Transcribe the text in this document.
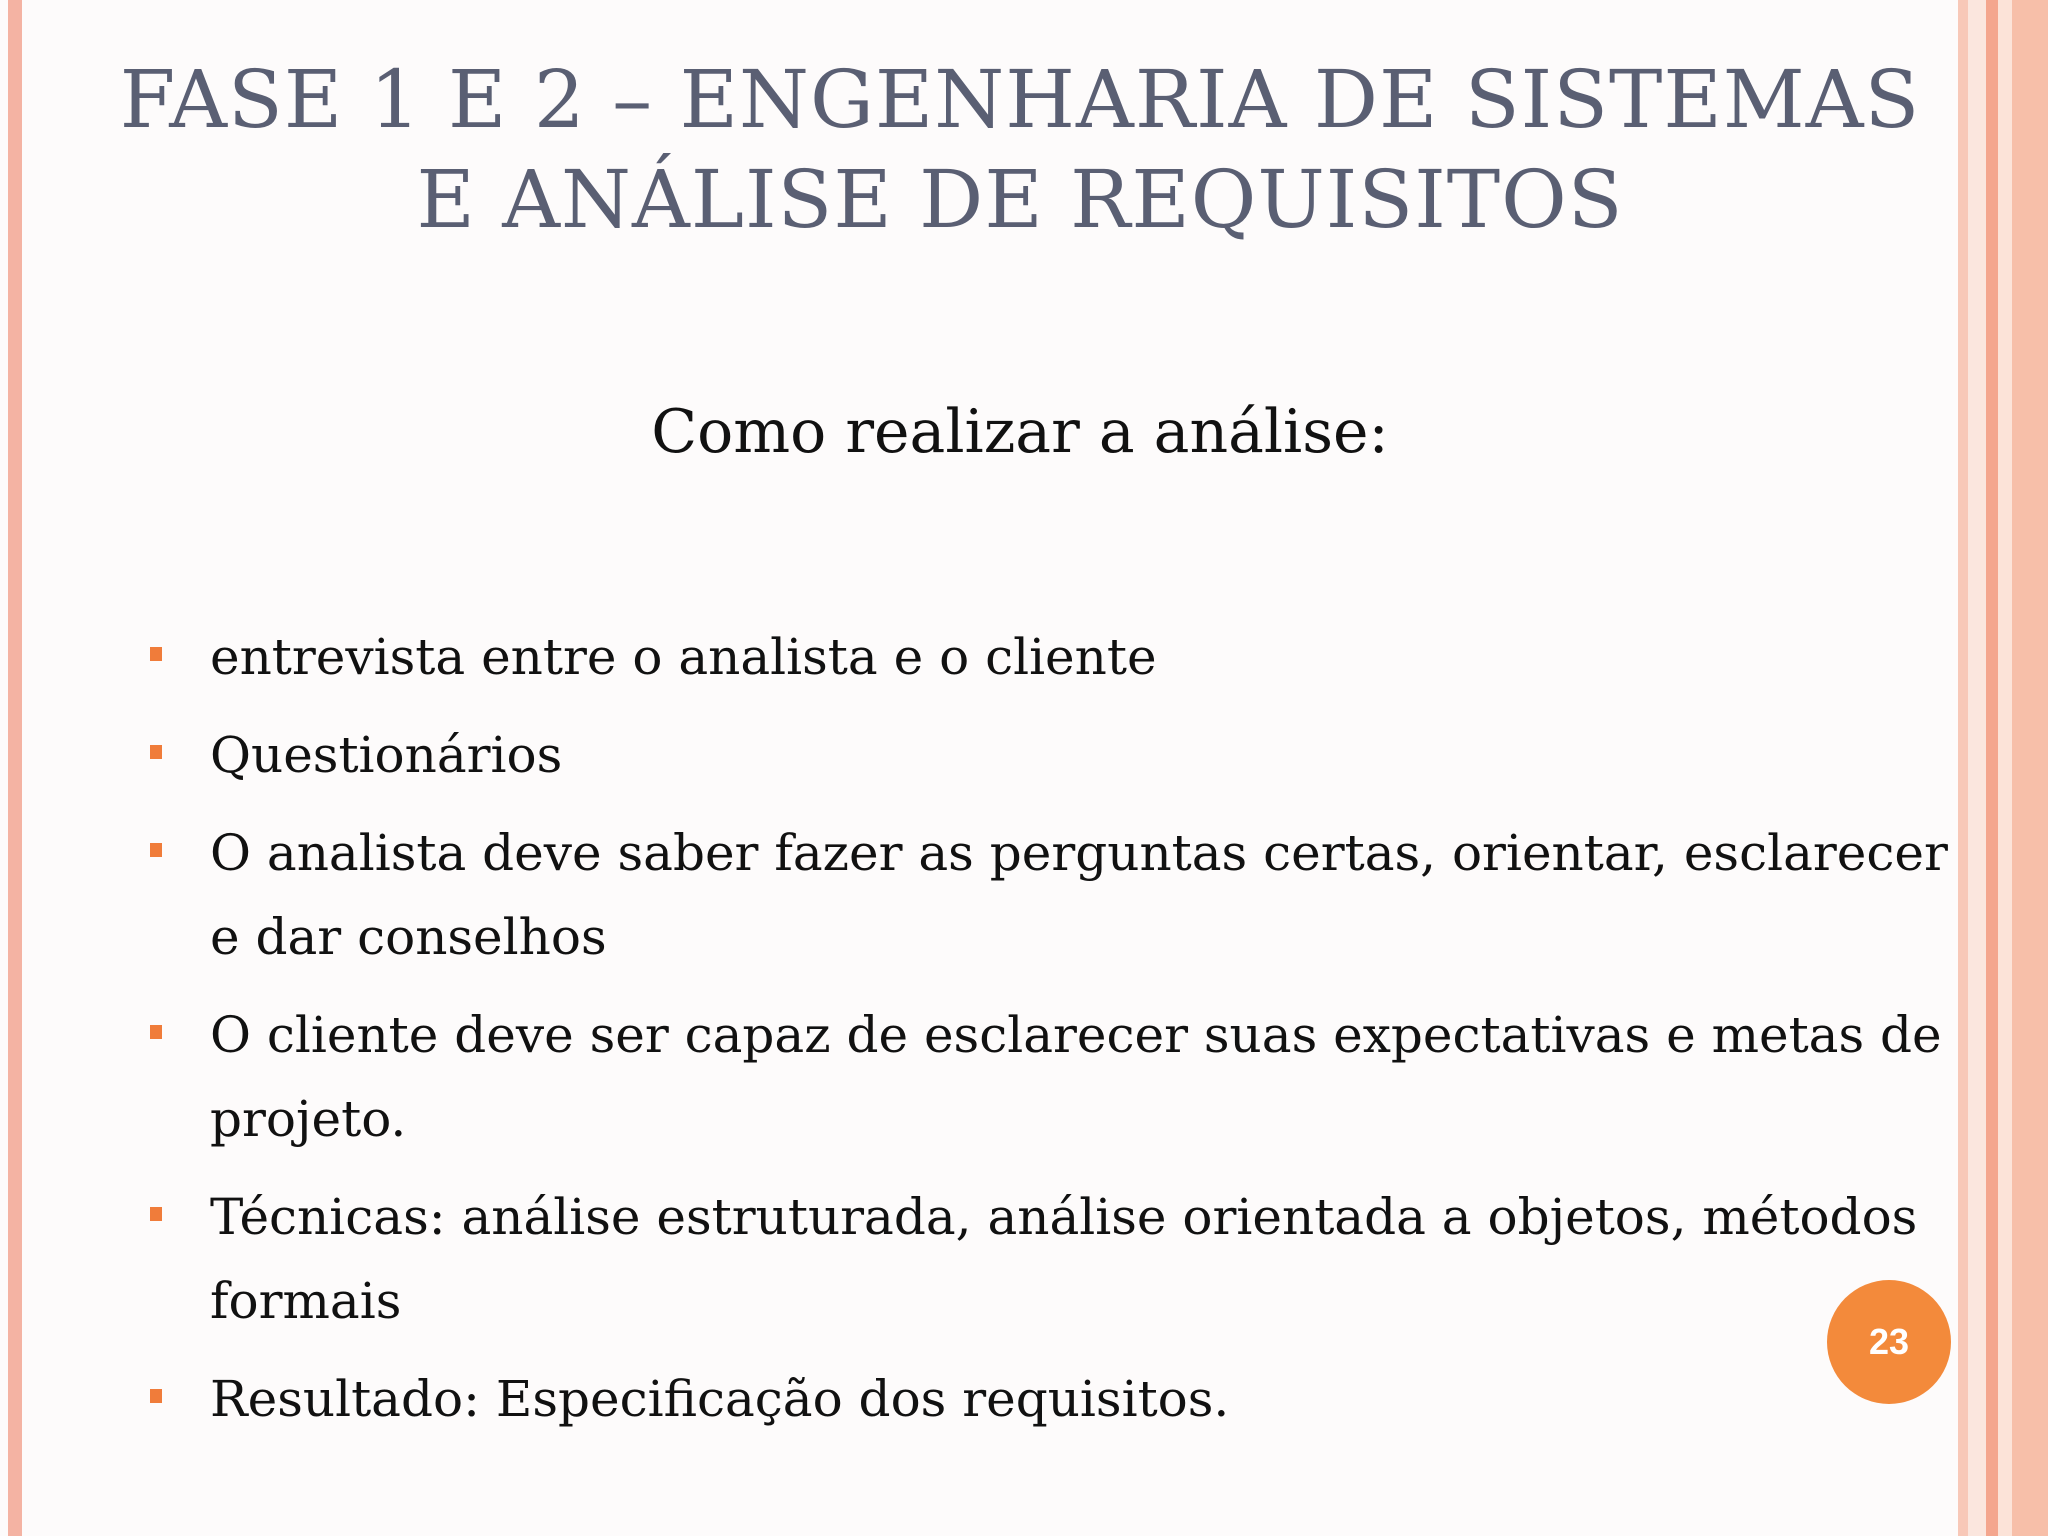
FASE 1 E 2 – ENGENHARIA DE SISTEMAS
E ANÁLISE DE REQUISITOS
Como realizar a análise:
entrevista entre o analista e o cliente
Questionários
O analista deve saber fazer as perguntas certas, orientar, esclarecer e dar conselhos
O cliente deve ser capaz de esclarecer suas expectativas e metas de projeto.
Técnicas: análise estruturada, análise orientada a objetos, métodos formais
Resultado: Especificação dos requisitos.
23
